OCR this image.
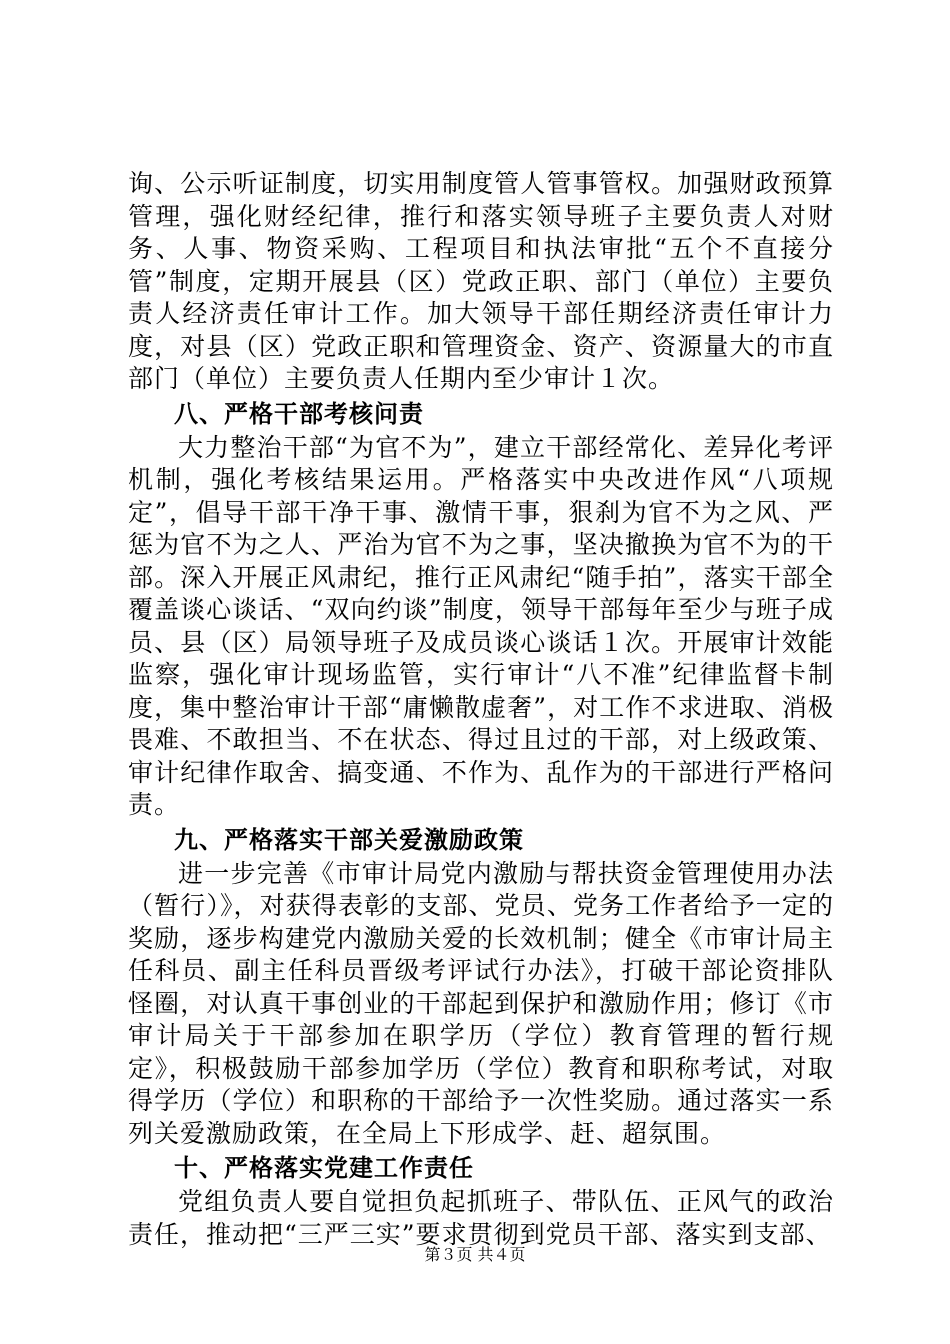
询、公示听证制度，切实用制度管人管事管权。加强财政预算管理，强化财经纪律，推行和落实领导班子主要负责人对财务、人事、物资采购、工程项目和执法审批“五个不直接分管”制度，定期开展县（区）党政正职、部门（单位）主要负责人经济责任审计工作。加大领导干部任期经济责任审计力度，对县（区）党政正职和管理资金、资产、资源量大的市直部门（单位）主要负责人任期内至少审计１次。

八、严格干部考核问责

大力整治干部“为官不为”，建立干部经常化、差异化考评机制，强化考核结果运用。严格落实中央改进作风“八项规定”，倡导干部干净干事、激情干事，狠刹为官不为之风、严惩为官不为之人、严治为官不为之事，坚决撤换为官不为的干部。深入开展正风肃纪，推行正风肃纪“随手拍”，落实干部全覆盖谈心谈话、“双向约谈”制度，领导干部每年至少与班子成员、县（区）局领导班子及成员谈心谈话１次。开展审计效能监察，强化审计现场监管，实行审计“八不准”纪律监督卡制度，集中整治审计干部“庸懒散虚奢”，对工作不求进取、消极畏难、不敢担当、不在状态、得过且过的干部，对上级政策、审计纪律作取舍、搞变通、不作为、乱作为的干部进行严格问责。

九、严格落实干部关爱激励政策

进一步完善《市审计局党内激励与帮扶资金管理使用办法（暂行）》，对获得表彰的支部、党员、党务工作者给予一定的奖励，逐步构建党内激励关爱的长效机制；健全《市审计局主任科员、副主任科员晋级考评试行办法》，打破干部论资排队怪圈，对认真干事创业的干部起到保护和激励作用；修订《市审计局关于干部参加在职学历（学位）教育管理的暂行规定》，积极鼓励干部参加学历（学位）教育和职称考试，对取得学历（学位）和职称的干部给予一次性奖励。通过落实一系列关爱激励政策，在全局上下形成学、赶、超氛围。

十、严格落实党建工作责任

党组负责人要自觉担负起抓班子、带队伍、正风气的政治责任，推动把“三严三实”要求贯彻到党员干部、落实到支部、

第３页 共４页
